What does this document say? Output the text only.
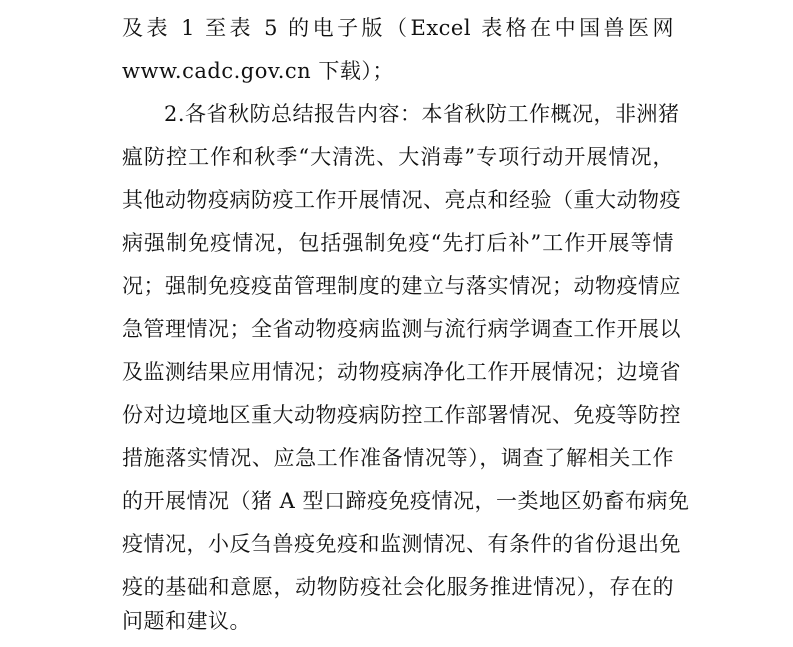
及表 1 至表 5 的电子版（Excel 表格在中国兽医网
www.cadc.gov.cn 下载）；
2.各省秋防总结报告内容：本省秋防工作概况，非洲猪
瘟防控工作和秋季“大清洗、大消毒”专项行动开展情况，
其他动物疫病防疫工作开展情况、亮点和经验（重大动物疫
病强制免疫情况，包括强制免疫“先打后补”工作开展等情
况；强制免疫疫苗管理制度的建立与落实情况；动物疫情应
急管理情况；全省动物疫病监测与流行病学调查工作开展以
及监测结果应用情况；动物疫病净化工作开展情况；边境省
份对边境地区重大动物疫病防控工作部署情况、免疫等防控
措施落实情况、应急工作准备情况等），调查了解相关工作
的开展情况（猪 A 型口蹄疫免疫情况，一类地区奶畜布病免
疫情况，小反刍兽疫免疫和监测情况、有条件的省份退出免
疫的基础和意愿，动物防疫社会化服务推进情况），存在的
问题和建议。
